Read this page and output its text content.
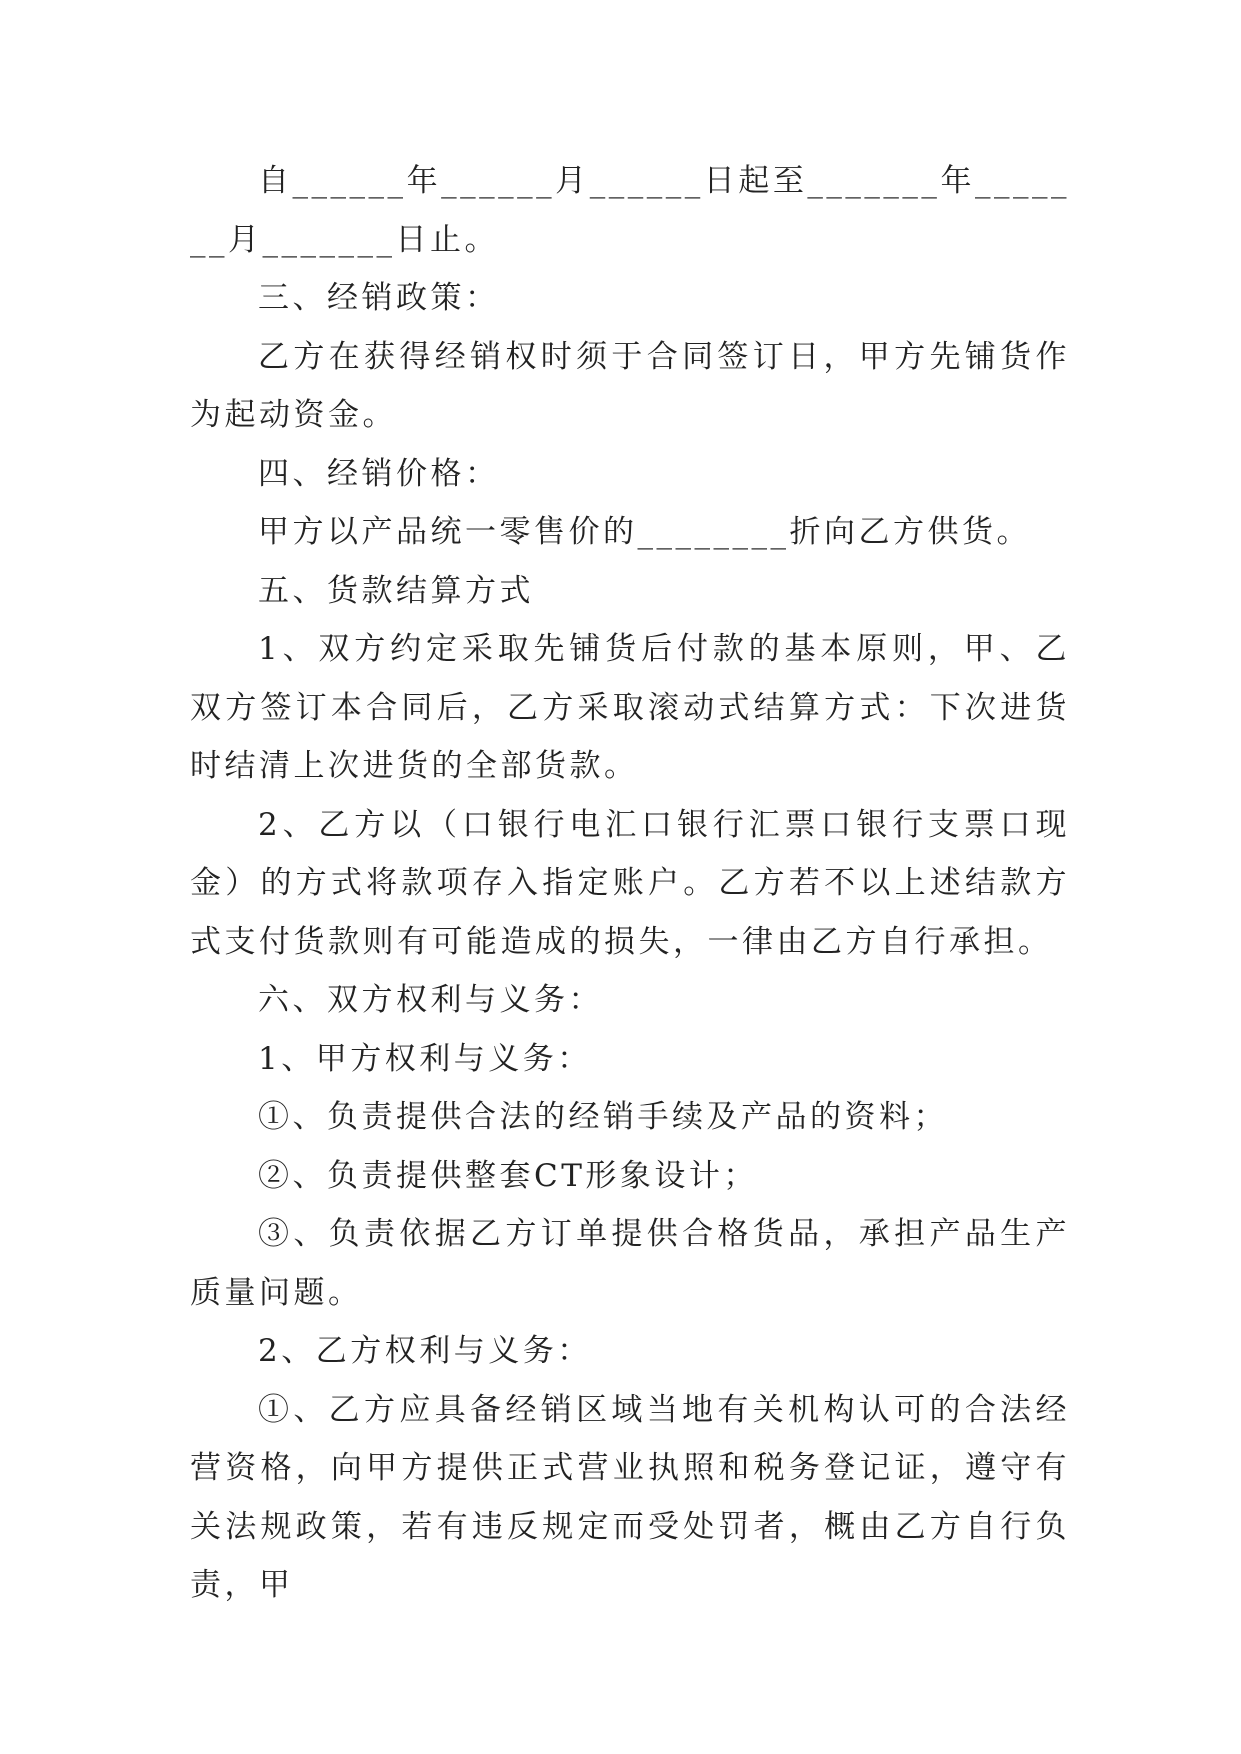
自______年______月______日起至_______年_______月_______日止。

三、经销政策：

乙方在获得经销权时须于合同签订日，甲方先铺货作为起动资金。

四、经销价格：

甲方以产品统一零售价的________折向乙方供货。

五、货款结算方式

1、双方约定采取先铺货后付款的基本原则，甲、乙双方签订本合同后，乙方采取滚动式结算方式：下次进货时结清上次进货的全部货款。

2、乙方以（口银行电汇口银行汇票口银行支票口现金）的方式将款项存入指定账户。乙方若不以上述结款方式支付货款则有可能造成的损失，一律由乙方自行承担。

六、双方权利与义务：

1、甲方权利与义务：

①、负责提供合法的经销手续及产品的资料；

②、负责提供整套CT形象设计；

③、负责依据乙方订单提供合格货品，承担产品生产质量问题。

2、乙方权利与义务：

①、乙方应具备经销区域当地有关机构认可的合法经营资格，向甲方提供正式营业执照和税务登记证，遵守有关法规政策，若有违反规定而受处罚者，概由乙方自行负责，甲
